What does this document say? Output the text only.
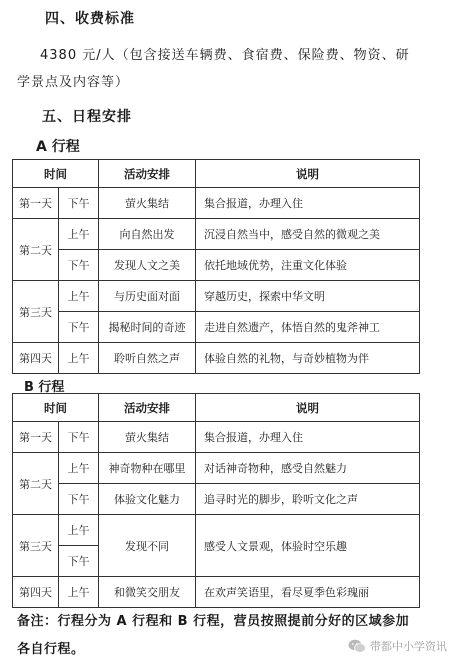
四、收费标准
4380 元/人（包含接送车辆费、食宿费、保险费、物资、研
学景点及内容等）
五、日程安排
A 行程
时间		活动安排	说明
第一天	下午	萤火集结	集合报道，办理入住
第二天	上午	向自然出发	沉浸自然当中，感受自然的微观之美
	下午	发现人文之美	依托地域优势，注重文化体验
第三天	上午	与历史面对面	穿越历史，探索中华文明
	下午	揭秘时间的奇迹	走进自然遗产，体悟自然的鬼斧神工
第四天	上午	聆听自然之声	体验自然的礼物，与奇妙植物为伴
B 行程
时间		活动安排	说明
第一天	下午	萤火集结	集合报道，办理入住
第二天	上午	神奇物种在哪里	对话神奇物种，感受自然魅力
	下午	体验文化魅力	追寻时光的脚步，聆听文化之声
第三天	上午	发现不同	感受人文景观，体验时空乐趣
	下午		
第四天	上午	和微笑交朋友	在欢声笑语里，看尽夏季色彩瑰丽
备注：行程分为 A 行程和 B 行程，营员按照提前分好的区域参加
各自行程。	带都中小学资讯
